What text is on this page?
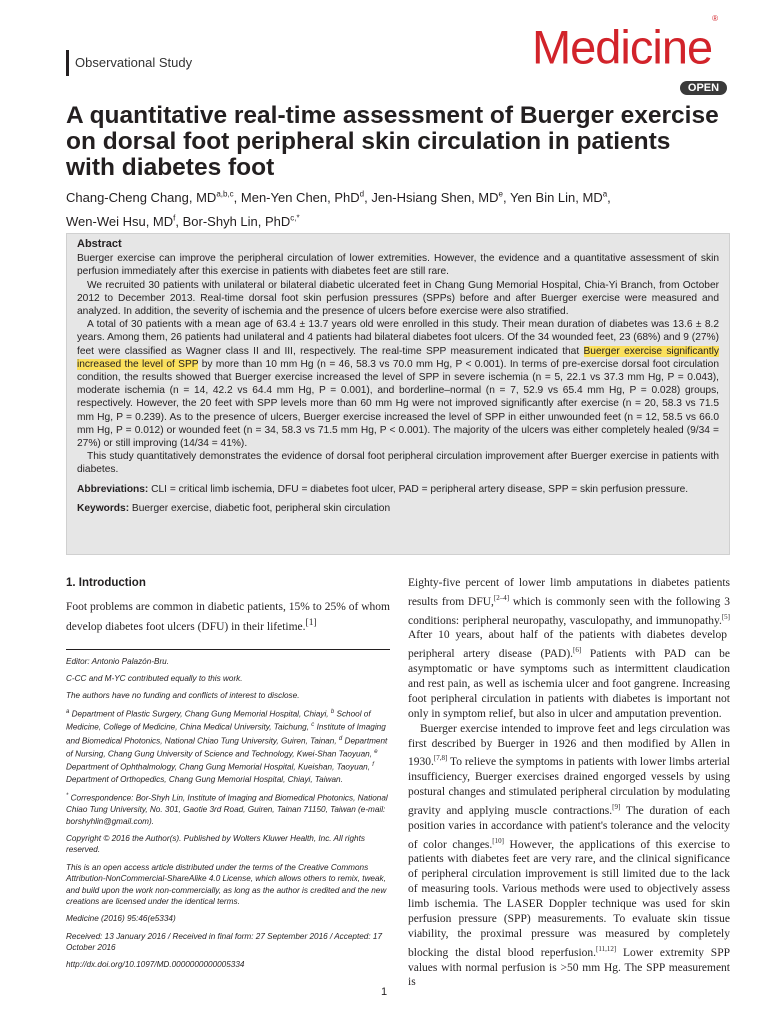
Observational Study	Medicine®
OPEN
A quantitative real-time assessment of Buerger exercise on dorsal foot peripheral skin circulation in patients with diabetes foot
Chang-Cheng Chang, MD$^{a,b,c}$, Men-Yen Chen, PhD$^d$, Jen-Hsiang Shen, MDe, Yen Bin Lin, $MD^a$,
Wen-Wei Hsu, $MD^f$, Bor-Shyh Lin, PhD$^{c,*}$
Abstract

Buerger exercise can improve the peripheral circulation of lower extremities. However, the evidence and a quantitative assessment of skin perfusion immediately after this exercise in patients with diabetes feet are still rare.

We recruited 30 patients with unilateral or bilateral diabetic ulcerated feet in Chang Gung Memorial Hospital, Chia-Yi Branch, from October 2012 to December 2013. Real-time dorsal foot skin perfusion pressures (SPPs) before and after Buerger exercise were measured and analyzed. In addition, the severity of ischemia and the presence of ulcers before exercise were also stratified.

A total of 30 patients with a mean age of 63.4 ± 13.7 years old were enrolled in this study. Their mean duration of diabetes was 13.6 ± 8.2 years. Among them, 26 patients had unilateral and 4 patients had bilateral diabetes foot ulcers. Of the 34 wounded feet, 23 (68%) and 9 (27%) feet were classified as Wagner class II and III, respectively. The real-time SPP measurement indicated that Buerger exercise significantly increased the level of SPP by more than 10 mm Hg (n = 46, 58.3 vs 70.0 mm Hg, P < 0.001). In terms of pre-exercise dorsal foot circulation condition, the results showed that Buerger exercise increased the level of SPP in severe ischemia (n = 5, 22.1 vs 37.3 mm Hg, P = 0.043), moderate ischemia (n = 14, 42.2 vs 64.4 mm Hg, P = 0.001), and borderline–normal (n = 7, 52.9 vs 65.4 mm Hg, P = 0.028) groups, respectively. However, the 20 feet with SPP levels more than 60 mm Hg were not improved significantly after exercise (n = 20, 58.3 vs 71.5 mm Hg, P = 0.239). As to the presence of ulcers, Buerger exercise increased the level of SPP in either unwounded feet (n = 12, 58.5 vs 66.0 mm Hg, P = 0.012) or wounded feet (n = 34, 58.3 vs 71.5 mm Hg, P < 0.001). The majority of the ulcers was either completely healed (9/34 = 27%) or still improving (14/34 = 41%).

This study quantitatively demonstrates the evidence of dorsal foot peripheral circulation improvement after Buerger exercise in patients with diabetes.

Abbreviations: CLI = critical limb ischemia, DFU = diabetes foot ulcer, PAD = peripheral artery disease, SPP = skin perfusion pressure.

Keywords: Buerger exercise, diabetic foot, peripheral skin circulation

1. Introduction

Foot problems are common in diabetic patients, 15% to 25% of whom develop diabetes foot ulcers (DFU) in their lifetime.[1]

Editor: Antonio Palazón-Bru.

C-CC and M-YC contributed equally to this work.

The authors have no funding and conflicts of interest to disclose.

$^a$ Department of Plastic Surgery, Chang Gung Memorial Hospital, Chiayi, $^b$ School of Medicine, College of Medicine, China Medical University, Taichung, $^c$ Institute of Imaging and Biomedical Photonics, National Chiao Tung University, Guiren, Tainan, $^d$ Department of Nursing, Chang Gung University of Science and Technology, Kwei-Shan Taoyuan, $^e$ Department of Ophthalmology, Chang Gung Memorial Hospital, Kueishan, Taoyuan, $^f$ Department of Orthopedics, Chang Gung Memorial Hospital, Chiayi, Taiwan.

* Correspondence: Bor-Shyh Lin, Institute of Imaging and Biomedical Photonics, National Chiao Tung University, No. 301, Gaotie 3rd Road, Guiren, Tainan 71150, Taiwan (e-mail: borshyhlin@gmail.com).

Copyright © 2016 the Author(s). Published by Wolters Kluwer Health, Inc. All rights reserved.

This is an open access article distributed under the terms of the Creative Commons Attribution-NonCommercial-ShareAlike 4.0 License, which allows others to remix, tweak, and build upon the work non-commercially, as long as the author is credited and the new creations are licensed under the identical terms.

Medicine (2016) 95:46(e5334)

Received: 13 January 2016 / Received in final form: 27 September 2016 / Accepted: 17 October 2016

http://dx.doi.org/10.1097/MD.0000000000005334

Eighty-five percent of lower limb amputations in diabetes patients results from DFU,[2–4] which is commonly seen with the following 3 conditions: peripheral neuropathy, vasculopathy, and immunopathy.[5] After 10 years, about half of the patients with diabetes develop peripheral artery disease (PAD).[6] Patients with PAD can be asymptomatic or have symptoms such as intermittent claudication and rest pain, as well as ischemia ulcer and foot gangrene. Increasing foot peripheral circulation in patients with diabetes is important not only in symptom relief, but also in ulcer and amputation prevention.

Buerger exercise intended to improve feet and legs circulation was first described by Buerger in 1926 and then modified by Allen in 1930.[7,8] To relieve the symptoms in patients with lower limbs arterial insufficiency, Buerger exercises drained engorged vessels by using postural changes and stimulated peripheral circulation by modulating gravity and applying muscle contractions.[9] The duration of each position varies in accordance with patient's tolerance and the velocity of color changes.[10] However, the applications of this exercise to patients with diabetes feet are very rare, and the clinical significance of peripheral circulation improvement is still limited due to the lack of measuring tools. Various methods were used to objectively assess limb ischemia. The LASER Doppler technique was used for skin perfusion pressure (SPP) measurements. To evaluate skin tissue viability, the proximal pressure was measured by completely blocking the distal blood reperfusion.[11,12] Lower extremity SPP values with normal perfusion is >50 mm Hg. The SPP measurement is

1
